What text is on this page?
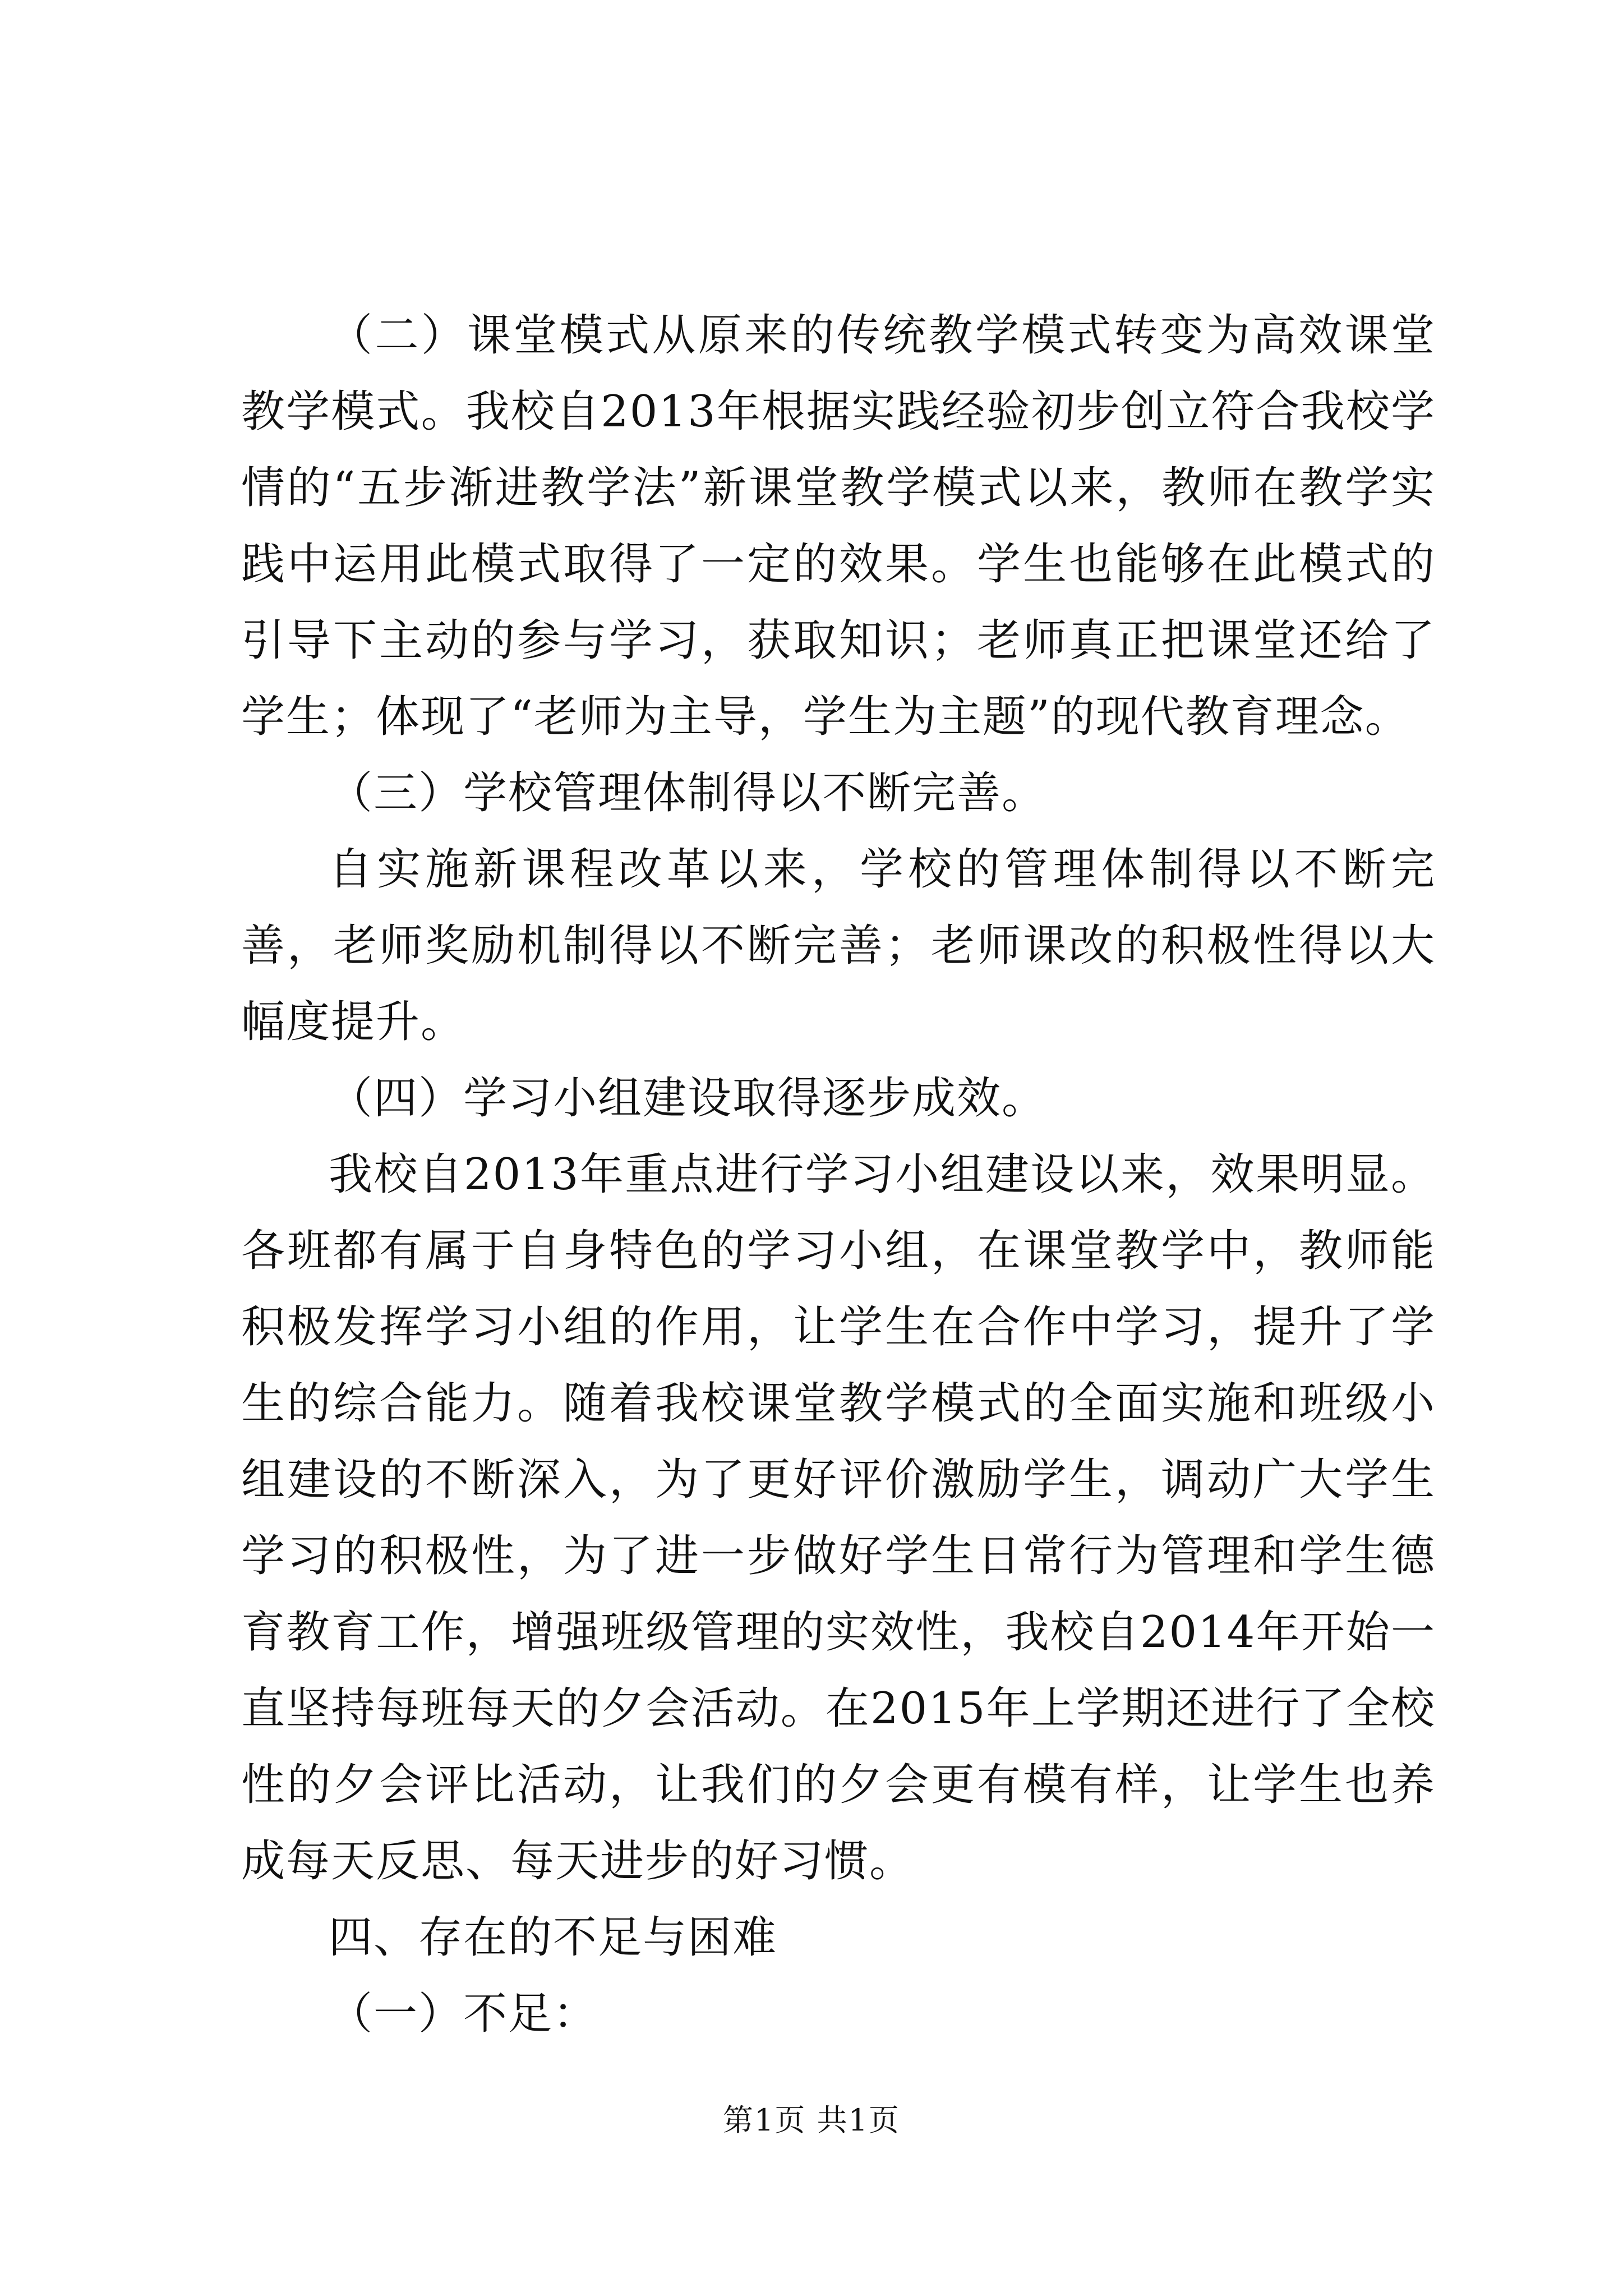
（二）课堂模式从原来的传统教学模式转变为高效课堂教学模式。我校自2013年根据实践经验初步创立符合我校学情的“五步渐进教学法”新课堂教学模式以来，教师在教学实践中运用此模式取得了一定的效果。学生也能够在此模式的引导下主动的参与学习，获取知识；老师真正把课堂还给了学生；体现了“老师为主导，学生为主题”的现代教育理念。

（三）学校管理体制得以不断完善。

自实施新课程改革以来，学校的管理体制得以不断完善，老师奖励机制得以不断完善；老师课改的积极性得以大幅度提升。

（四）学习小组建设取得逐步成效。

我校自2013年重点进行学习小组建设以来，效果明显。各班都有属于自身特色的学习小组，在课堂教学中，教师能积极发挥学习小组的作用，让学生在合作中学习，提升了学生的综合能力。随着我校课堂教学模式的全面实施和班级小组建设的不断深入，为了更好评价激励学生，调动广大学生学习的积极性，为了进一步做好学生日常行为管理和学生德育教育工作，增强班级管理的实效性，我校自2014年开始一直坚持每班每天的夕会活动。在2015年上学期还进行了全校性的夕会评比活动，让我们的夕会更有模有样，让学生也养成每天反思、每天进步的好习惯。

四、存在的不足与困难

（一）不足：

第1页 共1页
